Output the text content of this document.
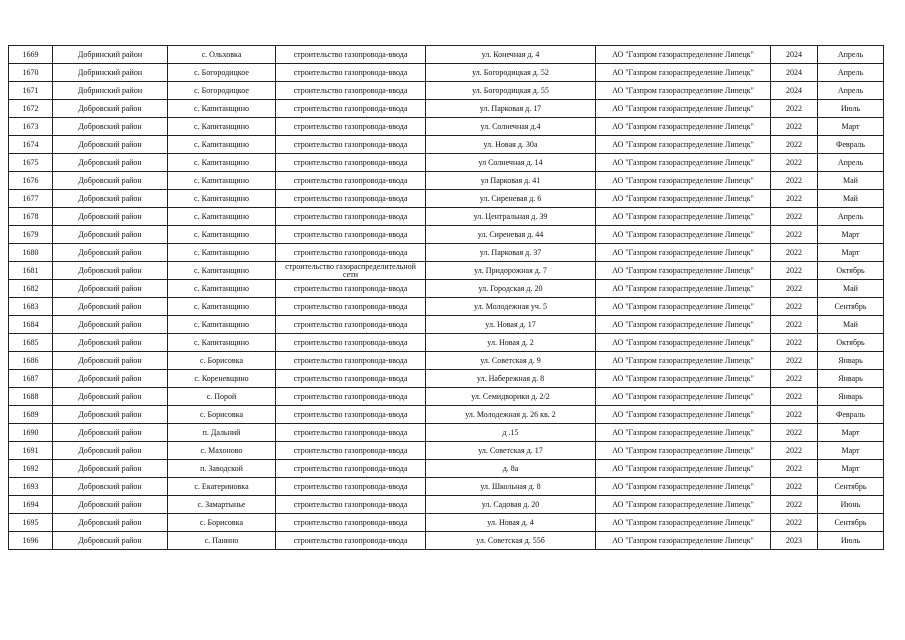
1669	Добринский район	с. Ольховка	строительство газопровода-ввода	ул. Конечная д. 4	АО "Газпром газораспределение Липецк"	2024	Апрель
1670	Добринский район	с. Богородицкое	строительство газопровода-ввода	ул. Богородицкая д. 52	АО "Газпром газораспределение Липецк"	2024	Апрель
1671	Добринский район	с. Богородицкое	строительство газопровода-ввода	ул. Богородицкая д. 55	АО "Газпром газораспределение Липецк"	2024	Апрель
1672	Добровский район	с. Капитанщино	строительство газопровода-ввода	ул. Парковая д. 17	АО "Газпром газораспределение Липецк"	2022	Июль
1673	Добровский район	с. Капитанщино	строительство газопровода-ввода	ул. Солнечная д.4	АО "Газпром газораспределение Липецк"	2022	Март
1674	Добровский район	с. Капитанщино	строительство газопровода-ввода	ул. Новая д. 30а	АО "Газпром газораспределение Липецк"	2022	Февраль
1675	Добровский район	с. Капитанщино	строительство газопровода-ввода	ул Солнечная д. 14	АО "Газпром газораспределение Липецк"	2022	Апрель
1676	Добровский район	с. Капитанщино	строительство газопровода-ввода	ул Парковая д. 41	АО "Газпром газораспределение Липецк"	2022	Май
1677	Добровский район	с. Капитанщино	строительство газопровода-ввода	ул. Сиреневая д. 6	АО "Газпром газораспределение Липецк"	2022	Май
1678	Добровский район	с. Капитанщино	строительство газопровода-ввода	ул. Центральная д. 39	АО "Газпром газораспределение Липецк"	2022	Апрель
1679	Добровский район	с. Капитанщино	строительство газопровода-ввода	ул. Сиреневая д. 44	АО "Газпром газораспределение Липецк"	2022	Март
1680	Добровский район	с. Капитанщино	строительство газопровода-ввода	ул. Парковая д. 37	АО "Газпром газораспределение Липецк"	2022	Март
1681	Добровский район	с. Капитанщино	строительство газораспределительной сети	ул. Придорожная д. 7	АО "Газпром газораспределение Липецк"	2022	Октябрь
1682	Добровский район	с. Капитанщино	строительство газопровода-ввода	ул. Городская д. 20	АО "Газпром газораспределение Липецк"	2022	Май
1683	Добровский район	с. Капитанщино	строительство газопровода-ввода	ул. Молодежная уч. 5	АО "Газпром газораспределение Липецк"	2022	Сентябрь
1684	Добровский район	с. Капитанщино	строительство газопровода-ввода	ул. Новая д. 17	АО "Газпром газораспределение Липецк"	2022	Май
1685	Добровский район	с. Капитанщино	строительство газопровода-ввода	ул. Новая д. 2	АО "Газпром газораспределение Липецк"	2022	Октябрь
1686	Добровский район	с. Борисовка	строительство газопровода-ввода	ул. Советская д. 9	АО "Газпром газораспределение Липецк"	2022	Январь
1687	Добровский район	с. Кореневщино	строительство газопровода-ввода	ул. Набережная д. 8	АО "Газпром газораспределение Липецк"	2022	Январь
1688	Добровский район	с. Порой	строительство газопровода-ввода	ул. Семидворики д. 2/2	АО "Газпром газораспределение Липецк"	2022	Январь
1689	Добровский район	с. Борисовка	строительство газопровода-ввода	ул. Молодежная д. 26 кв. 2	АО "Газпром газораспределение Липецк"	2022	Февраль
1690	Добровский район	п. Дальний	строительство газопровода-ввода	д .15	АО "Газпром газораспределение Липецк"	2022	Март
1691	Добровский район	с. Махоново	строительство газопровода-ввода	ул. Советская д. 17	АО "Газпром газораспределение Липецк"	2022	Март
1692	Добровский район	п. Заводской	строительство газопровода-ввода	д. 8а	АО "Газпром газораспределение Липецк"	2022	Март
1693	Добровский район	с. Екатериновка	строительство газопровода-ввода	ул. Школьная д. 8	АО "Газпром газораспределение Липецк"	2022	Сентябрь
1694	Добровский район	с. Замартынье	строительство газопровода-ввода	ул. Садовая д. 20	АО "Газпром газораспределение Липецк"	2022	Июнь
1695	Добровский район	с. Борисовка	строительство газопровода-ввода	ул. Новая д. 4	АО "Газпром газораспределение Липецк"	2022	Сентябрь
1696	Добровский район	с. Панино	строительство газопровода-ввода	ул. Советская д. 55б	АО "Газпром газораспределение Липецк"	2023	Июль
